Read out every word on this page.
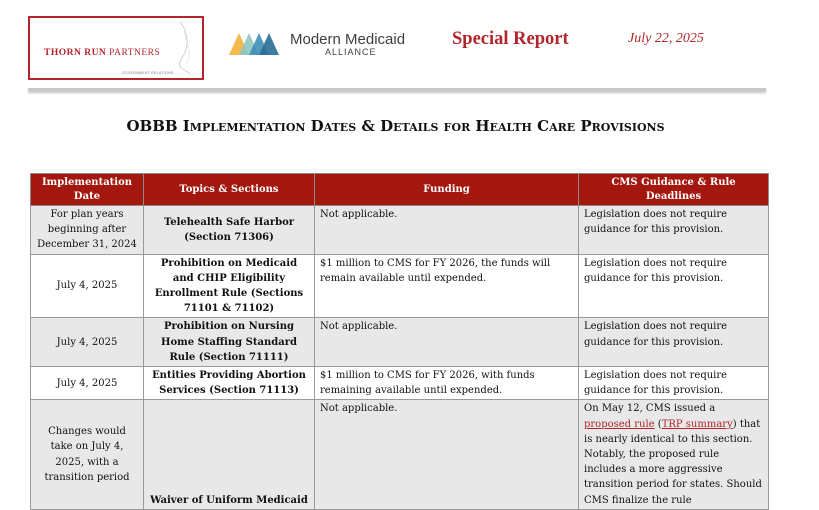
THORN RUN PARTNERS
GOVERNMENT RELATIONS
Modern Medicaid
ALLIANCE
Special Report	July 22, 2025
OBBB Implementation Dates & Details for Health Care Provisions
Implementation Date	Topics & Sections	Funding	CMS Guidance & Rule Deadlines
For plan years beginning after December 31, 2024	Telehealth Safe Harbor (Section 71306)	Not applicable.	Legislation does not require guidance for this provision.
July 4, 2025	Prohibition on Medicaid and CHIP Eligibility Enrollment Rule (Sections 71101 & 71102)	$1 million to CMS for FY 2026, the funds will remain available until expended.	Legislation does not require guidance for this provision.
July 4, 2025	Prohibition on Nursing Home Staffing Standard Rule (Section 71111)	Not applicable.	Legislation does not require guidance for this provision.
July 4, 2025	Entities Providing Abortion Services (Section 71113)	$1 million to CMS for FY 2026, with funds remaining available until expended.	Legislation does not require guidance for this provision.
Changes would take on July 4, 2025, with a transition period	Waiver of Uniform Medicaid	Not applicable.	On May 12, CMS issued a proposed rule (TRP summary) that is nearly identical to this section. Notably, the proposed rule includes a more aggressive transition period for states. Should CMS finalize the rule
